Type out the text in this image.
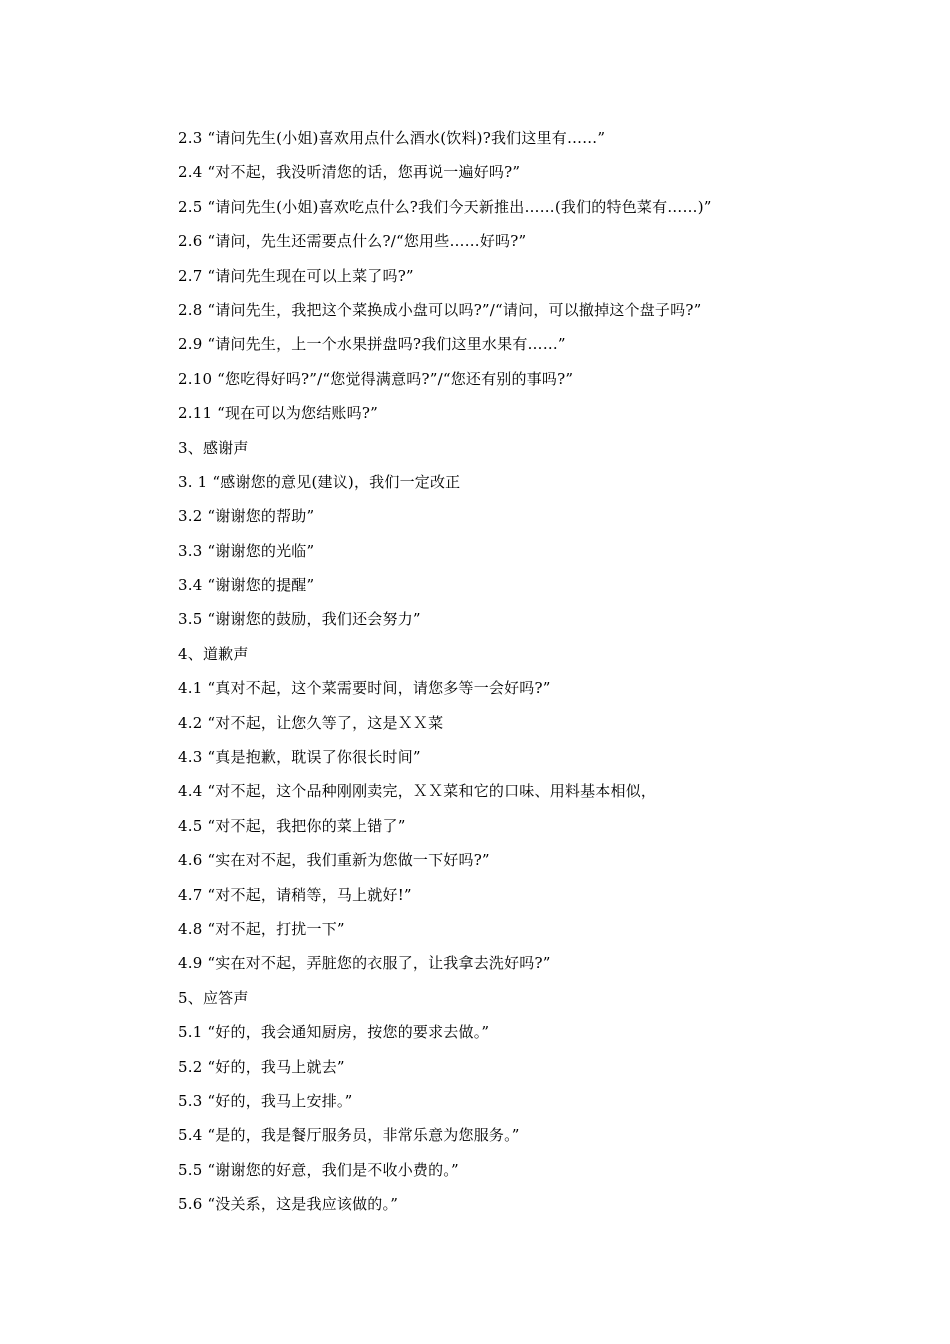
2.3 “请问先生(小姐)喜欢用点什么酒水(饮料)?我们这里有……”
2.4 “对不起，我没听清您的话，您再说一遍好吗?”
2.5 “请问先生(小姐)喜欢吃点什么?我们今天新推出……(我们的特色菜有……)”
2.6 “请问，先生还需要点什么?/“您用些……好吗?”
2.7 “请问先生现在可以上菜了吗?”
2.8 “请问先生，我把这个菜换成小盘可以吗?”/“请问，可以撤掉这个盘子吗?”
2.9 “请问先生，上一个水果拼盘吗?我们这里水果有……”
2.10 “您吃得好吗?”/“您觉得满意吗?”/“您还有别的事吗?”
2.11 “现在可以为您结账吗?”
3、感谢声
3. 1 “感谢您的意见(建议)，我们一定改正
3.2 “谢谢您的帮助”
3.3 “谢谢您的光临”
3.4 “谢谢您的提醒”
3.5 “谢谢您的鼓励，我们还会努力”
4、道歉声
4.1 “真对不起，这个菜需要时间，请您多等一会好吗?”
4.2 “对不起，让您久等了，这是ＸＸ菜
4.3 “真是抱歉，耽误了你很长时间”
4.4 “对不起，这个品种刚刚卖完，ＸＸ菜和它的口味、用料基本相似，
4.5 “对不起，我把你的菜上错了”
4.6 “实在对不起，我们重新为您做一下好吗?”
4.7 “对不起，请稍等，马上就好!”
4.8 “对不起，打扰一下”
4.9 “实在对不起，弄脏您的衣服了，让我拿去洗好吗?”
5、应答声
5.1 “好的，我会通知厨房，按您的要求去做。”
5.2 “好的，我马上就去”
5.3 “好的，我马上安排。”
5.4 “是的，我是餐厅服务员，非常乐意为您服务。”
5.5 “谢谢您的好意，我们是不收小费的。”
5.6 “没关系，这是我应该做的。”
